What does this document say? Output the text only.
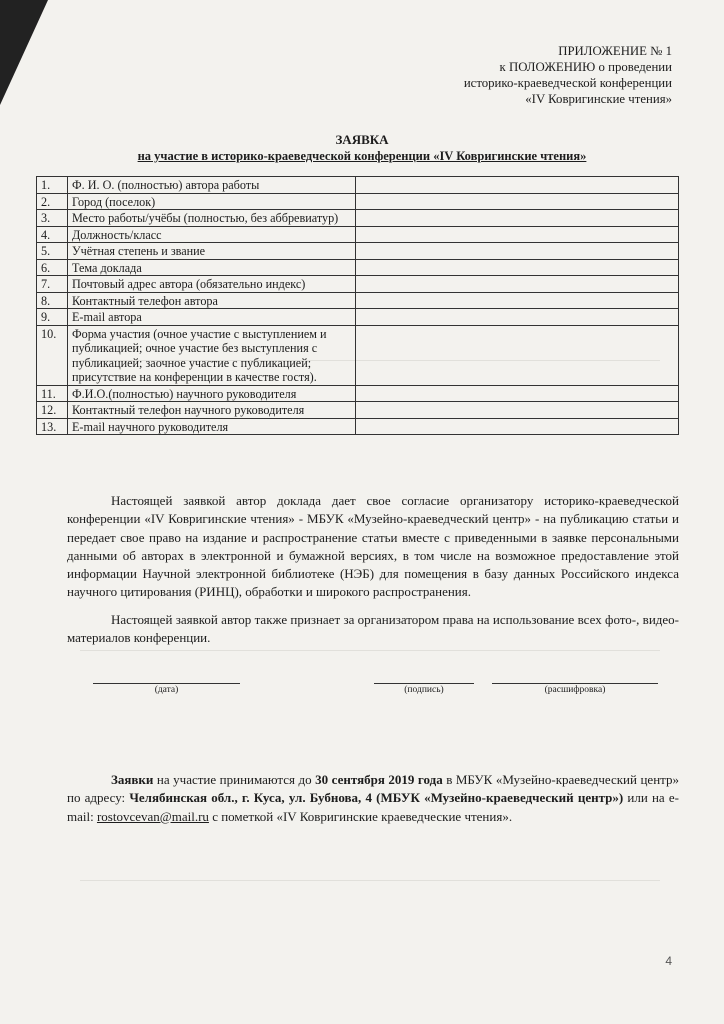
ПРИЛОЖЕНИЕ № 1
к ПОЛОЖЕНИЮ о проведении
историко-краеведческой конференции
«IV Ковригинские чтения»
ЗАЯВКА
на участие в историко-краеведческой конференции «IV Ковригинские чтения»
1.	Ф. И. О. (полностью) автора работы	
2.	Город (поселок)	
3.	Место работы/учёбы (полностью, без аббревиатур)	
4.	Должность/класс	
5.	Учётная степень и звание	
6.	Тема доклада	
7.	Почтовый адрес автора (обязательно индекс)	
8.	Контактный телефон автора	
9.	E-mail автора	
10.	Форма участия (очное участие с выступлением и публикацией; очное участие без выступления с публикацией; заочное участие с публикацией; присутствие на конференции в качестве гостя).	
11.	Ф.И.О.(полностью) научного руководителя	
12.	Контактный телефон научного руководителя	
13.	E-mail научного руководителя	
Настоящей заявкой автор доклада дает свое согласие организатору историко-краеведческой конференции «IV Ковригинские чтения» - МБУК «Музейно-краеведческий центр» - на публикацию статьи и передает свое право на издание и распространение статьи вместе с приведенными в заявке персональными данными об авторах в электронной и бумажной версиях, в том числе на возможное предоставление этой информации Научной электронной библиотеке (НЭБ) для помещения в базу данных Российского индекса научного цитирования (РИНЦ), обработки и широкого распространения.
Настоящей заявкой автор также признает за организатором права на использование всех фото-, видео- материалов конференции.
(дата)	(подпись)	(расшифровка)
Заявки на участие принимаются до 30 сентября 2019 года в МБУК «Музейно-краеведческий центр» по адресу: Челябинская обл., г. Куса, ул. Бубнова, 4 (МБУК «Музейно-краеведческий центр») или на e-mail: rostovcevan@mail.ru с пометкой «IV Ковригинские краеведческие чтения».
4
